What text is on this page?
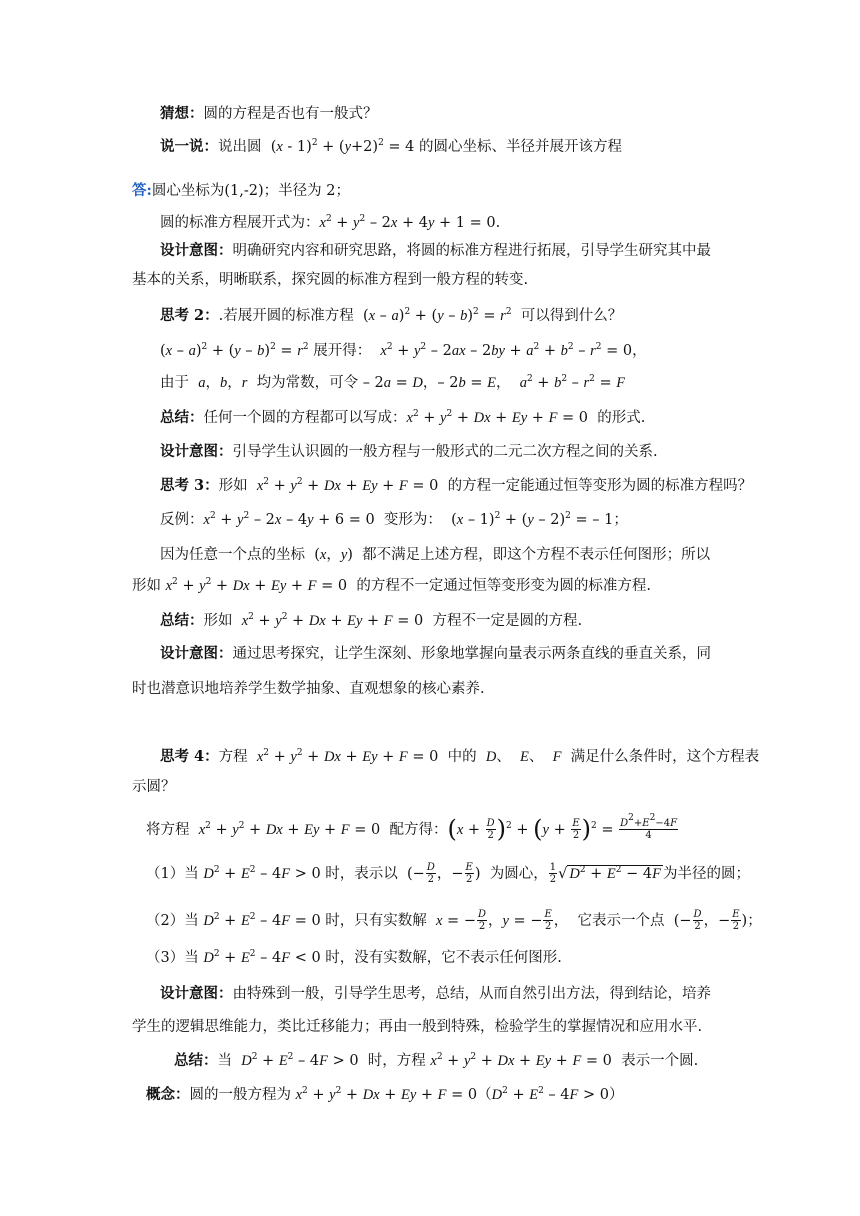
猜想：圆的方程是否也有一般式？
说一说：说出圆  $(x - 1)^2 + (y+2)^2 = 4$ 的圆心坐标、半径并展开该方程
答:圆心坐标为(1,-2)；半径为 2；
圆的标准方程展开式为：$x^2 + y^2 - 2x + 4y + 1 = 0$.
设计意图：明确研究内容和研究思路，将圆的标准方程进行拓展，引导学生研究其中最
基本的关系，明晰联系，探究圆的标准方程到一般方程的转变.
思考 2：.若展开圆的标准方程  $(x - a)^2 + (y - b)^2 = r^2$  可以得到什么？
$(x - a)^2 + (y - b)^2 = r^2$ 展开得：  $x^2 + y^2 - 2ax - 2by + a^2 + b^2 - r^2 = 0$，
由于  a，b，r  均为常数，可令 – 2a = D，– 2b = E，  $a^2 + b^2 - r^2 = F$
总结：任何一个圆的方程都可以写成：$x^2 + y^2 + Dx + Ey + F = 0$  的形式.
设计意图：引导学生认识圆的一般方程与一般形式的二元二次方程之间的关系.
思考 3：形如  $x^2 + y^2 + Dx + Ey + F = 0$  的方程一定能通过恒等变形为圆的标准方程吗？
反例：$x^2 + y^2 - 2x - 4y + 6 = 0$  变形为：  (x – 1)$^2$ + (y – 2)$^2$ = – 1；
因为任意一个点的坐标  (x，y)  都不满足上述方程，即这个方程不表示任何图形；所以
形如 $x^2 + y^2 + Dx + Ey + F = 0$  的方程不一定通过恒等变形变为圆的标准方程.
总结：形如  $x^2 + y^2 + Dx + Ey + F = 0$  方程不一定是圆的方程.
设计意图：通过思考探究，让学生深刻、形象地掌握向量表示两条直线的垂直关系，同
时也潜意识地培养学生数学抽象、直观想象的核心素养.
思考 4：方程  $x^2 + y^2 + Dx + Ey + F = 0$  中的  D、  E、  F  满足什么条件时，这个方程表
示圆？
将方程  $x^2 + y^2 + Dx + Ey + F = 0$  配方得：$(x + \frac{D}{2} )^2 + (y + \frac{E}{2} )^2 = \frac{D^2+E^2-4F}{4}$
（1）当 $D^2 + E^2 - 4F > 0$ 时，表示以  (− $\frac{D}{2}$ ，− $\frac{E}{2}$ )  为圆心， $\frac{1}{2}$ √ $D^2 + E^2 - 4F$ 为半径的圆；
（2）当 $D^2 + E^2 - 4F = 0$ 时，只有实数解  x = − $\frac{D}{2}$ ，y = − $\frac{E}{2}$ ，  它表示一个点  (− $\frac{D}{2}$ ，− $\frac{E}{2}$ )；
（3）当 $D^2 + E^2 - 4F < 0$ 时，没有实数解，它不表示任何图形.
设计意图：由特殊到一般，引导学生思考，总结，从而自然引出方法，得到结论，培养
学生的逻辑思维能力，类比迁移能力；再由一般到特殊，检验学生的掌握情况和应用水平.
总结：当  $D^2 + E^2 - 4F > 0$  时，方程 $x^2 + y^2 + Dx + Ey + F = 0$  表示一个圆.
概念：圆的一般方程为 $x^2 + y^2 + Dx + Ey + F = 0(D^2 + E^2 - 4F > 0)$
